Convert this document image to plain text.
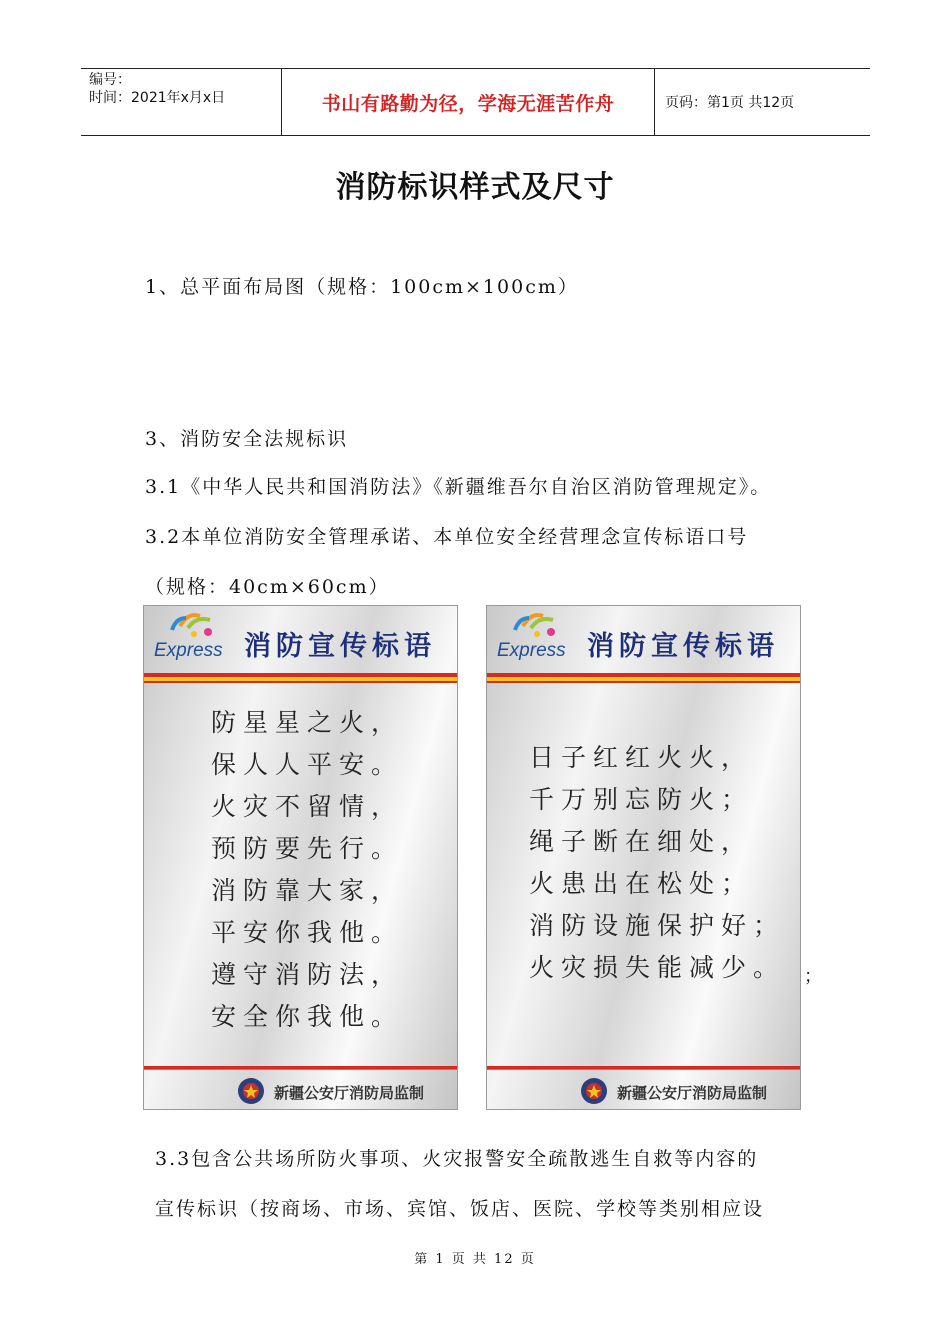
编号：
时间：2021年x月x日	书山有路勤为径，学海无涯苦作舟	页码：第1页 共12页
消防标识样式及尺寸
1、总平面布局图（规格：100cm×100cm）
3、消防安全法规标识
3.1《中华人民共和国消防法》《新疆维吾尔自治区消防管理规定》。
3.2本单位消防安全管理承诺、本单位安全经营理念宣传标语口号
（规格：40cm×60cm）
Express 消防宣传标语
防星星之火，
保人人平安。
火灾不留情，
预防要先行。
消防靠大家，
平安你我他。
遵守消防法，
安全你我他。
新疆公安厅消防局监制
Express 消防宣传标语
日子红红火火，
千万别忘防火；
绳子断在细处，
火患出在松处；
消防设施保护好；
火灾损失能减少。
新疆公安厅消防局监制
；
3.3包含公共场所防火事项、火灾报警安全疏散逃生自救等内容的
宣传标识（按商场、市场、宾馆、饭店、医院、学校等类别相应设
第 1 页 共 12 页
